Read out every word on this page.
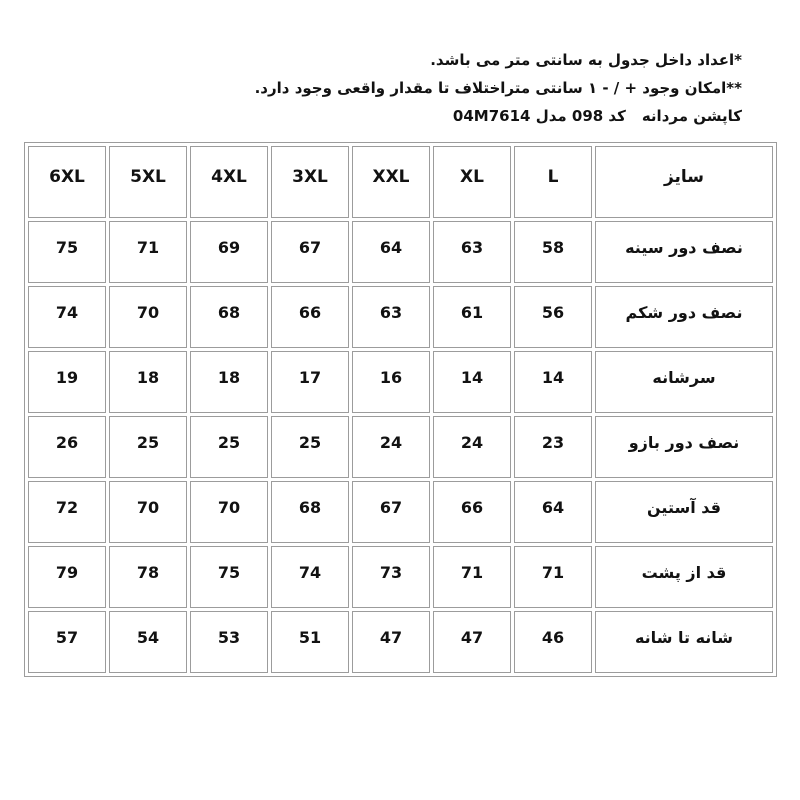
*اعداد داخل جدول به سانتی متر می باشد.
**امکان وجود + / - ۱ سانتی متراختلاف تا مقدار واقعی وجود دارد.
کاپشن مردانهکد 098 مدل 04M7614
6XL	5XL	4XL	3XL	XXL	XL	L	سایز
75	71	69	67	64	63	58	نصف دور سینه
74	70	68	66	63	61	56	نصف دور شکم
19	18	18	17	16	14	14	سرشانه
26	25	25	25	24	24	23	نصف دور بازو
72	70	70	68	67	66	64	قد آستین
79	78	75	74	73	71	71	قد از پشت
57	54	53	51	47	47	46	شانه تا شانه
